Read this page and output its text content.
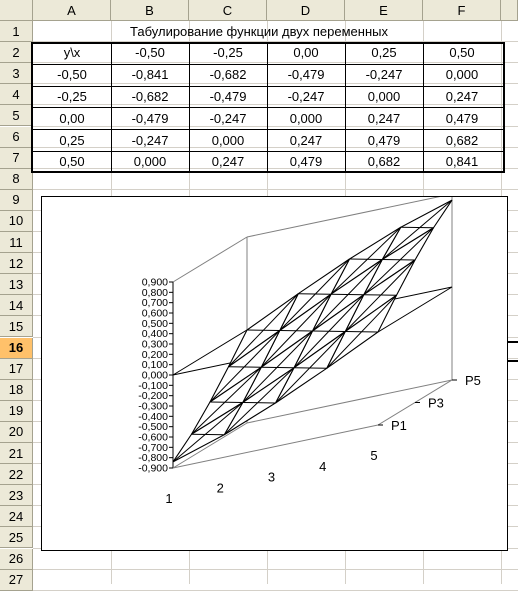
A	B	C	D	E	F
1
2
3
4
5
6
7
8
9
10
11
12
13
14
15
16
17
18
19
20
21
22
23
24
25
26
27
Табулирование функции двух переменных
y\x	-0,50	-0,25	0,00	0,25	0,50
-0,50	-0,841	-0,682	-0,479	-0,247	0,000
-0,25	-0,682	-0,479	-0,247	0,000	0,247
0,00	-0,479	-0,247	0,000	0,247	0,479
0,25	-0,247	0,000	0,247	0,479	0,682
0,50	0,000	0,247	0,479	0,682	0,841
0,900
0,800
0,700
0,600
0,500
0,400
0,300
0,200
0,100
0,000
-0,100
-0,200
-0,300
-0,400
-0,500
-0,600
-0,700
-0,800
-0,900
1
2
3
4
5
P1
P3
P5
